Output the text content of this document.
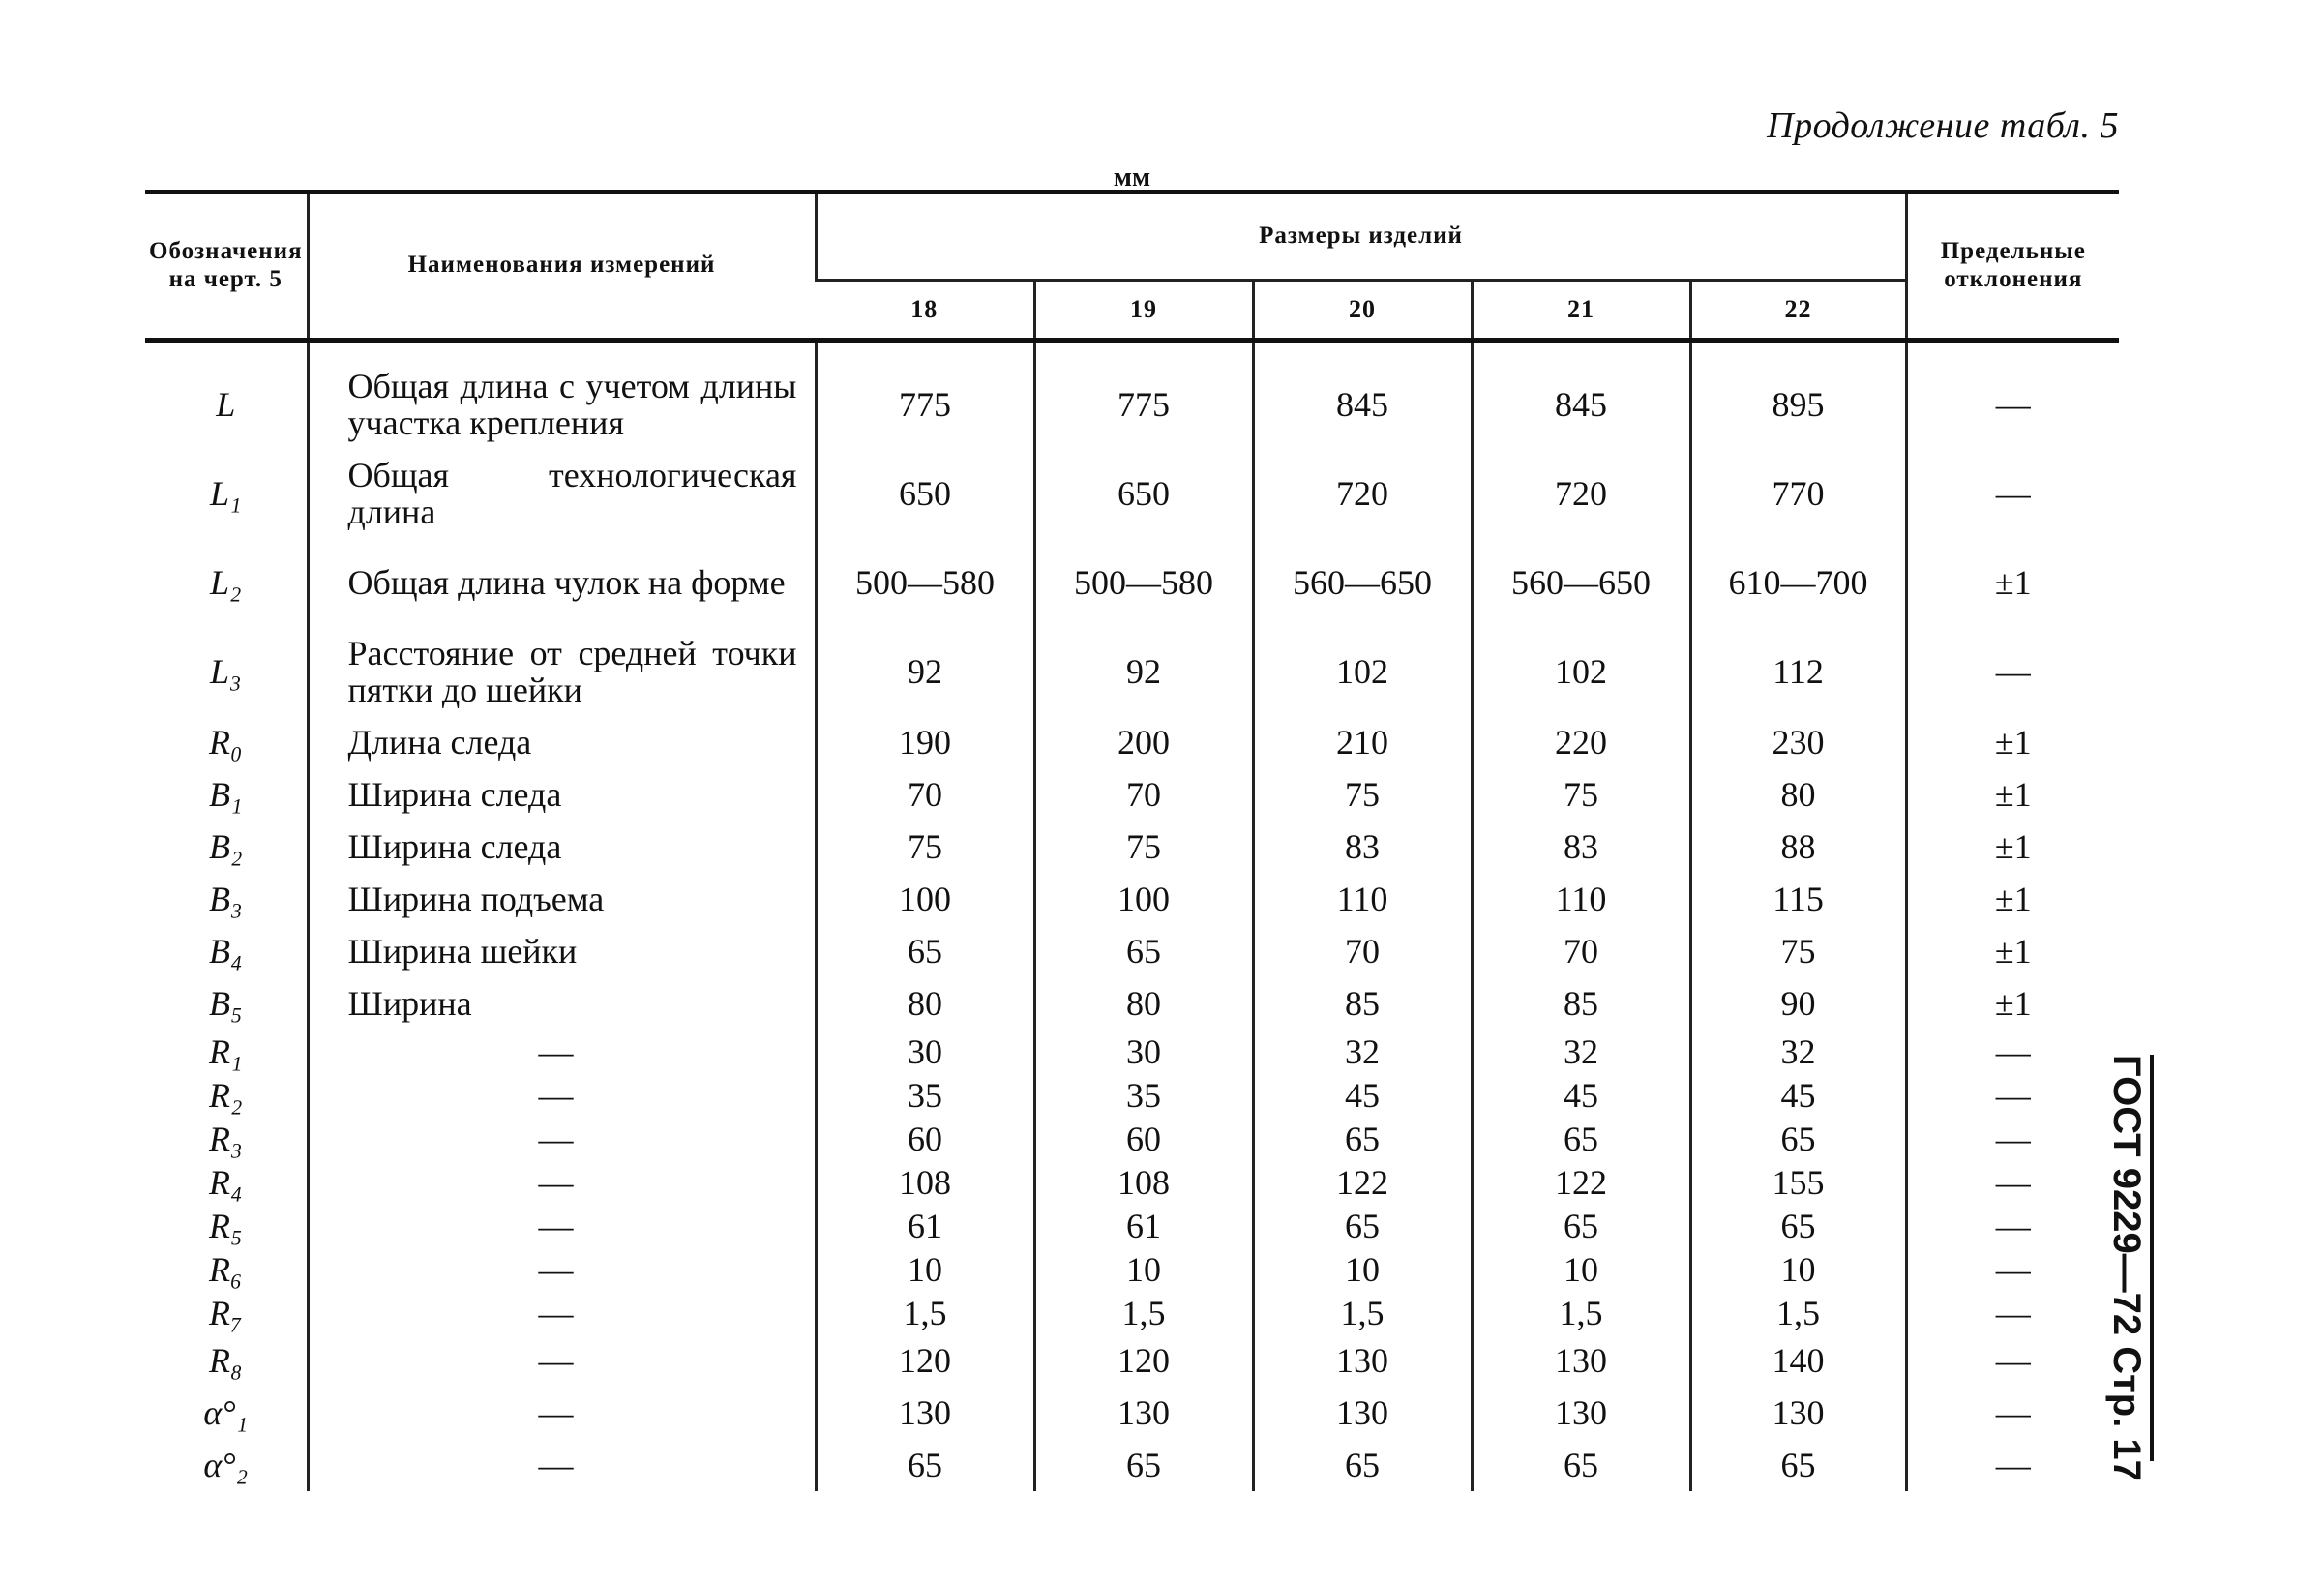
Продолжение табл. 5
мм
Обозначения на черт. 5	Наименования измерений	Размеры изделий					Предельные отклонения
		18	19	20	21	22	
L	Общая длина с учетом длины участка крепления	775	775	845	845	895	—
L₁	Общая технологическая длина	650	650	720	720	770	—
L₂	Общая длина чулок на форме	500—580	500—580	560—650	560—650	610—700	±1
L₃	Расстояние от средней точки пятки до шейки	92	92	102	102	112	—
R₀	Длина следа	190	200	210	220	230	±1
B₁	Ширина следа	70	70	75	75	80	±1
B₂	Ширина следа	75	75	83	83	88	±1
B₃	Ширина подъема	100	100	110	110	115	±1
B₄	Ширина шейки	65	65	70	70	75	±1
B₅	Ширина	80	80	85	85	90	±1
R₁	—	30	30	32	32	32	—
R₂	—	35	35	45	45	45	—
R₃	—	60	60	65	65	65	—
R₄	—	108	108	122	122	155	—
R₅	—	61	61	65	65	65	—
R₆	—	10	10	10	10	10	—
R₇	—	1,5	1,5	1,5	1,5	1,5	—
R₈	—	120	120	130	130	140	—
α°₁	—	130	130	130	130	130	—
α°₂	—	65	65	65	65	65	— ГОСТ 9229—72 Стр. 17
